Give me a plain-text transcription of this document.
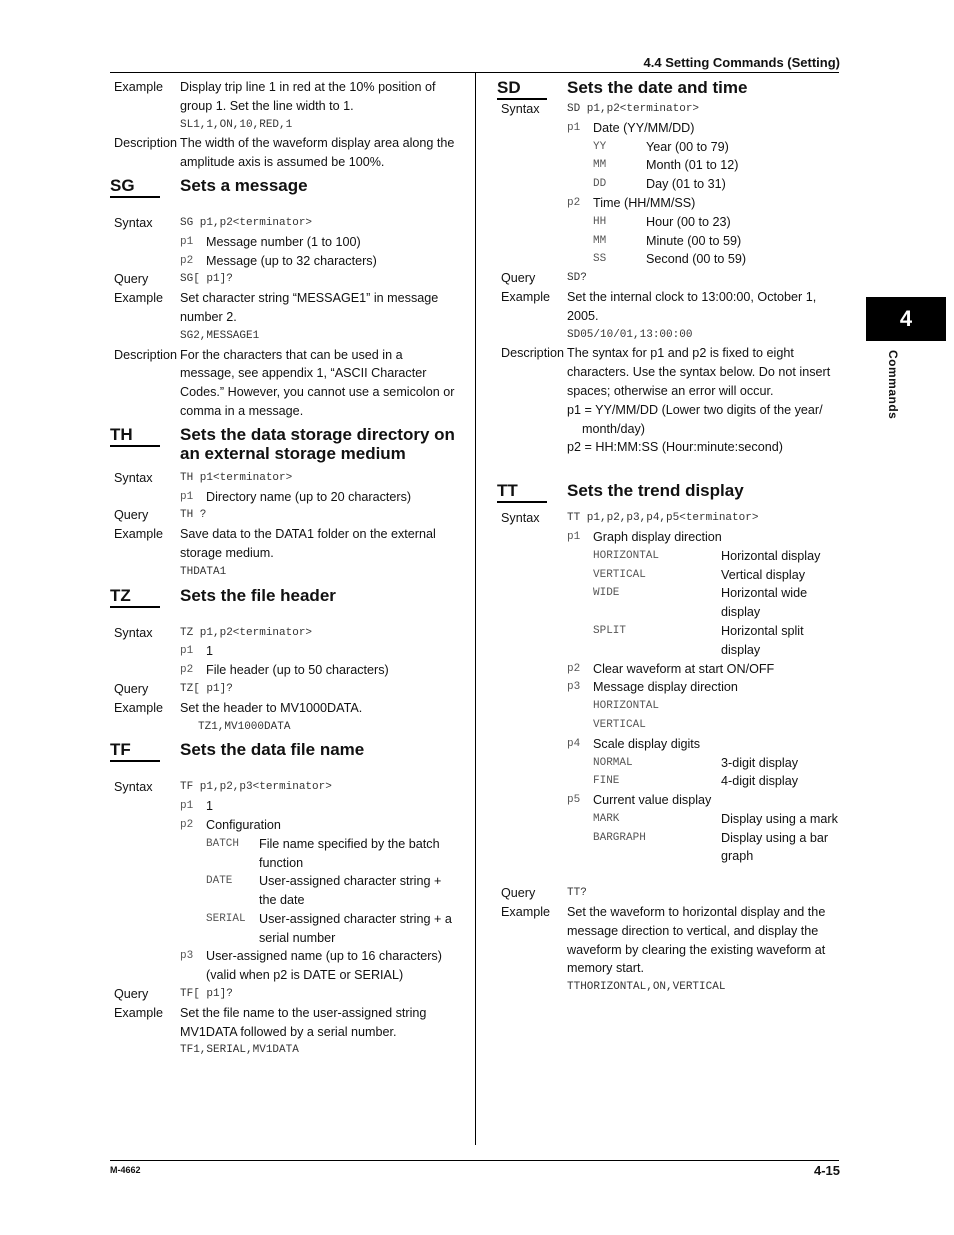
4.4 Setting Commands (Setting)
Example Display trip line 1 in red at the 10% position of
group 1. Set the line width to 1.
SL1,1,ON,10,RED,1
Description The width of the waveform display area along the
amplitude axis is assumed be 100%.
SG	Sets a message
Syntax SG p1,p2<terminator>
p1 Message number (1 to 100)
p2 Message (up to 32 characters)
Query	SG[ p1]?
Example Set character string “MESSAGE1” in message
number 2.
SG2,MESSAGE1
Description For the characters that can be used in a
message, see appendix 1, “ASCII Character
Codes.” However, you cannot use a semicolon or
comma in a message.
TH	Sets the data storage directory on an external storage medium
Syntax TH p1<terminator>
p1 Directory name (up to 20 characters)
Query	TH ?
Example Save data to the DATA1 folder on the external
storage medium.
THDATA1
TZ	Sets the file header
Syntax TZ p1,p2<terminator>
p1 1
p2 File header (up to 50 characters)
Query	TZ[ p1]?
Example Set the header to MV1000DATA.
TZ1,MV1000DATA
TF	Sets the data file name
Syntax TF p1,p2,p3<terminator>
p1 1
p2 Configuration
BATCH File name specified by the batch
function
DATE User-assigned character string +
the date
SERIAL User-assigned character string + a
serial number
p3 User-assigned name (up to 16 characters)
(valid when p2 is DATE or SERIAL)
Query	TF[ p1]?
Example Set the file name to the user-assigned string
MV1DATA followed by a serial number.
TF1,SERIAL,MV1DATA
SD	Sets the date and time
Syntax SD p1,p2<terminator>
p1 Date (YY/MM/DD)
YY	Year (00 to 79)
MM	Month (01 to 12)
DD	Day (01 to 31)
p2 Time (HH/MM/SS)
HH	Hour (00 to 23)
MM	Minute (00 to 59)
SS	Second (00 to 59)
Query	SD?
Example Set the internal clock to 13:00:00, October 1,
2005.
SD05/10/01,13:00:00
Description The syntax for p1 and p2 is fixed to eight
characters. Use the syntax below. Do not insert
spaces; otherwise an error will occur.
p1 = YY/MM/DD (Lower two digits of the year/
month/day)
p2 = HH:MM:SS (Hour:minute:second)
TT	Sets the trend display
Syntax TT p1,p2,p3,p4,p5<terminator>
p1 Graph display direction
HORIZONTAL	Horizontal display
VERTICAL	Vertical display
WIDE	Horizontal wide
display
SPLIT	Horizontal split
display
p2 Clear waveform at start ON/OFF
p3 Message display direction
HORIZONTAL
VERTICAL
p4 Scale display digits
NORMAL	3-digit display
FINE	4-digit display
p5 Current value display
MARK	Display using a mark
BARGRAPH	Display using a bar
graph
Query	TT?
Example Set the waveform to horizontal display and the
message direction to vertical, and display the
waveform by clearing the existing waveform at
memory start.
TTHORIZONTAL,ON,VERTICAL
4
Commands
M-4662	4-15
